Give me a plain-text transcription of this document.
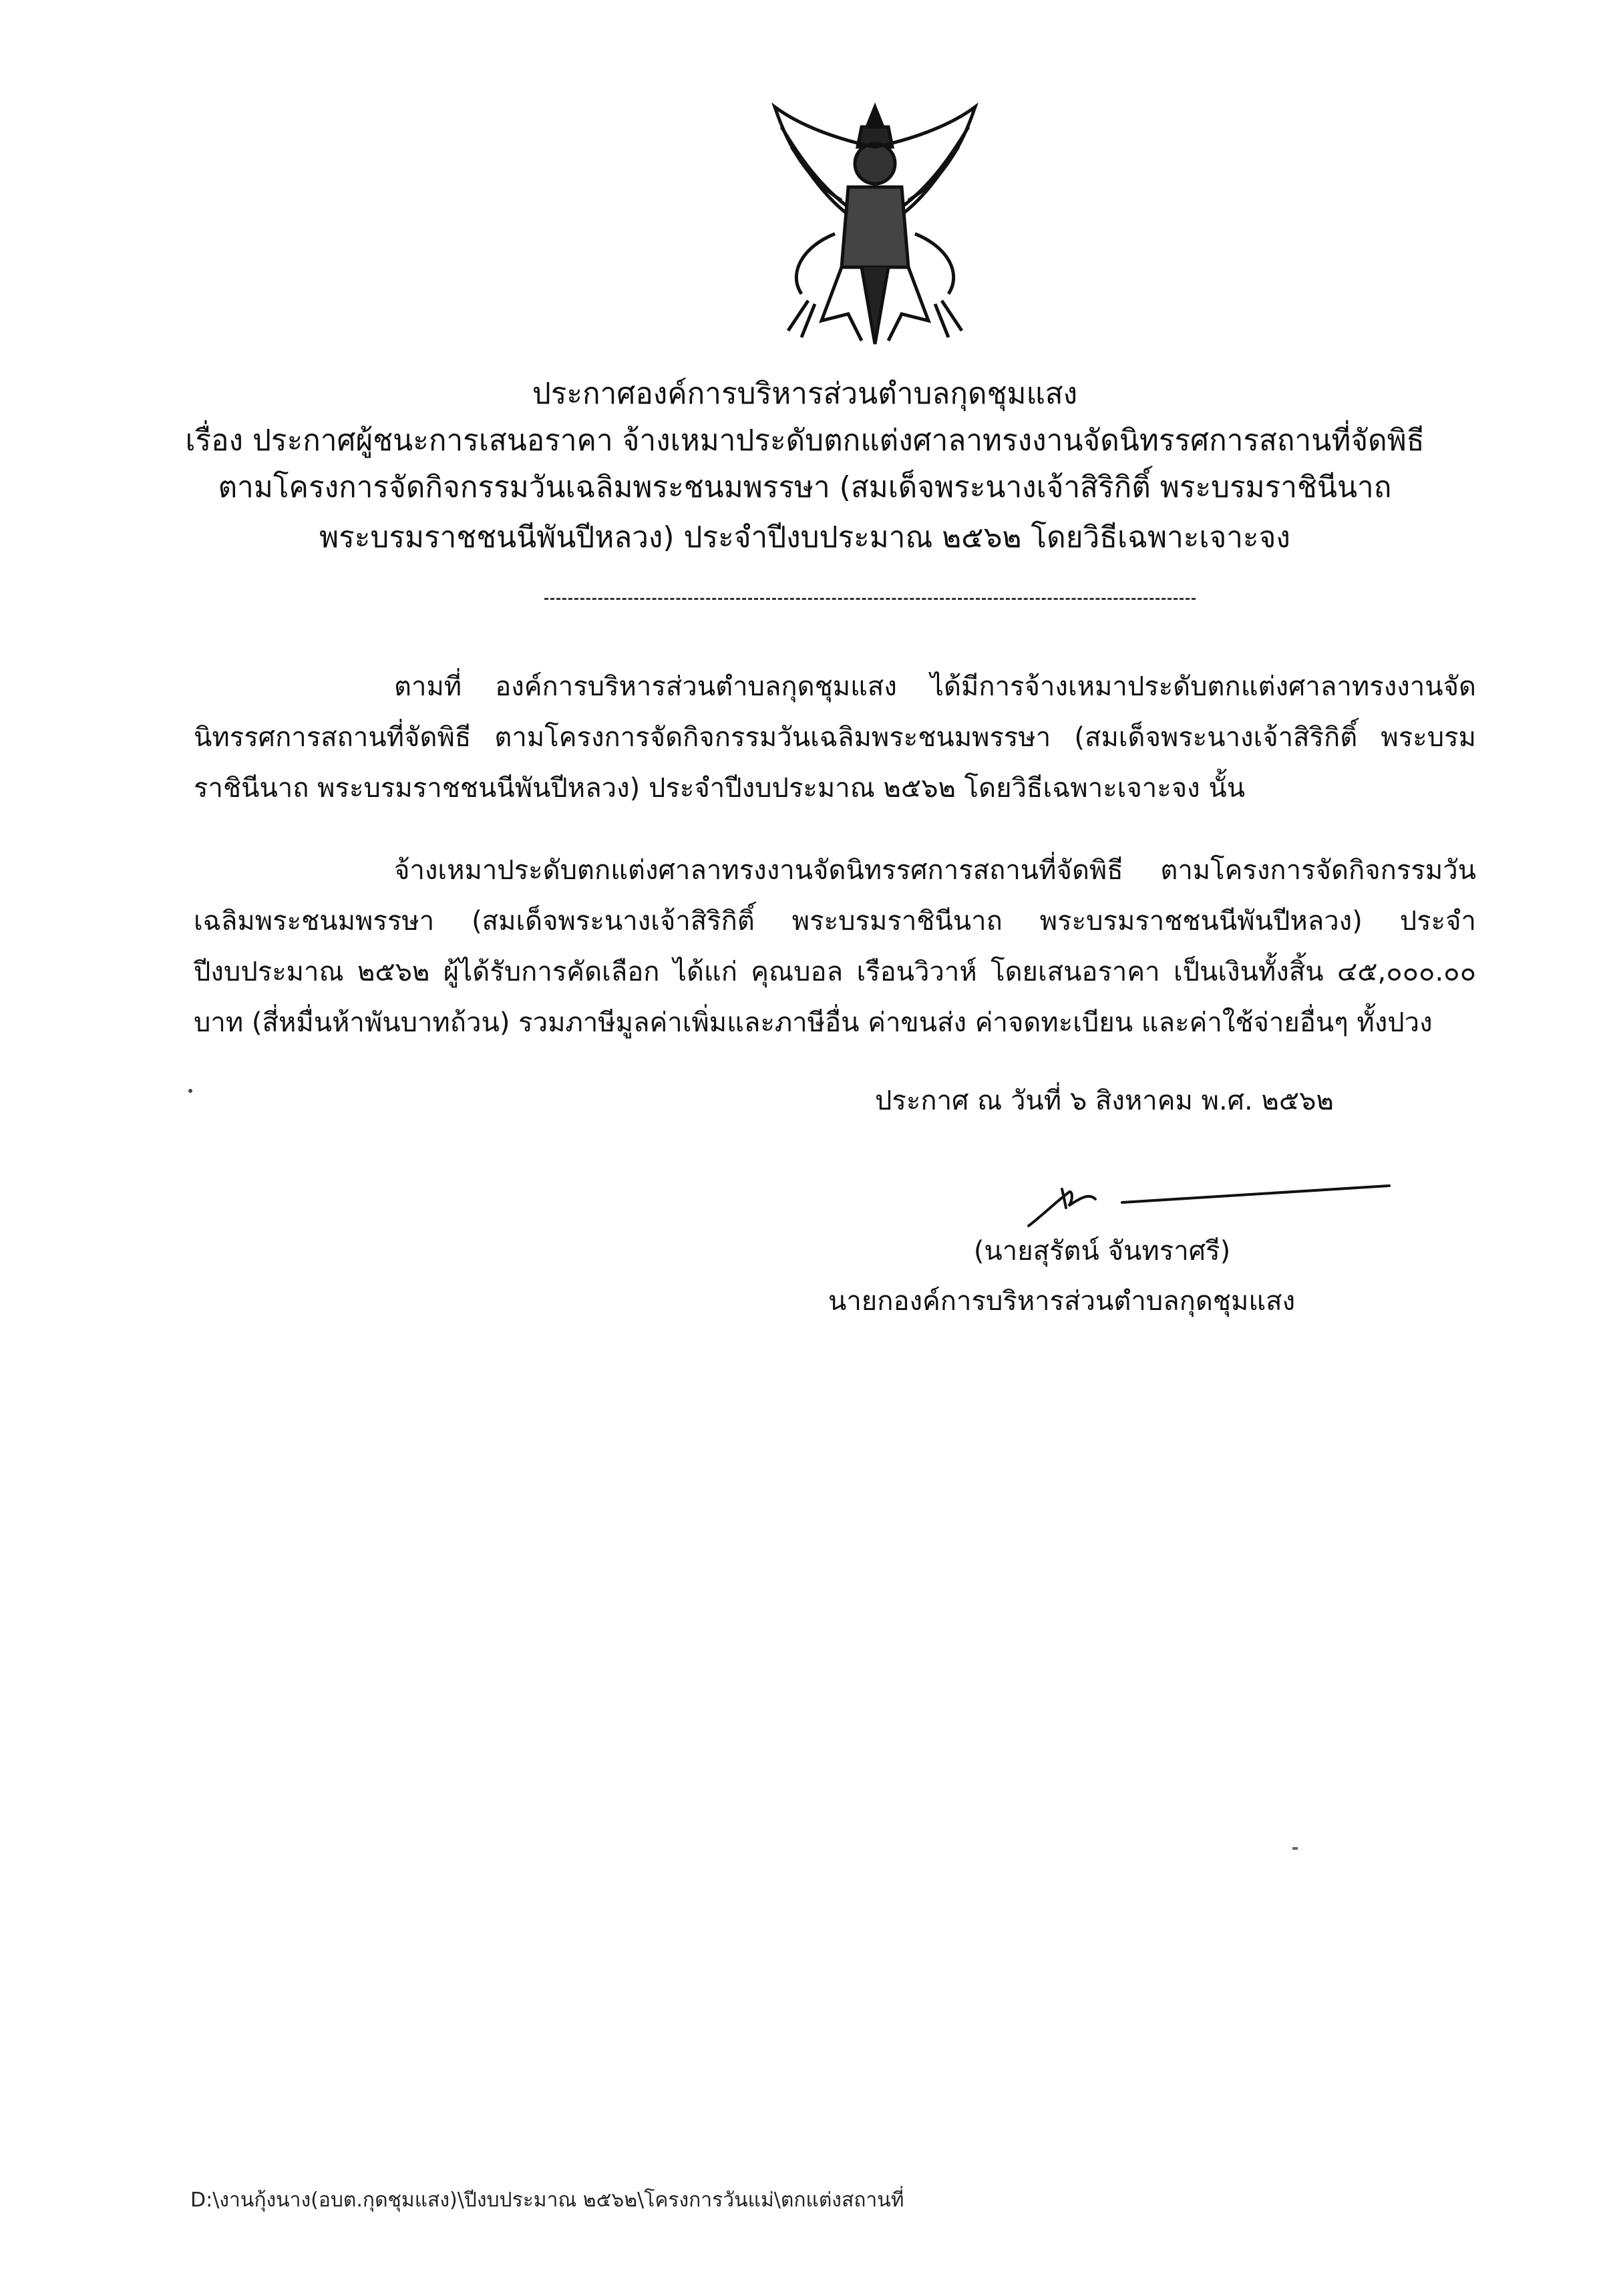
ประกาศองค์การบริหารส่วนตำบลกุดชุมแสง
เรื่อง ประกาศผู้ชนะการเสนอราคา จ้างเหมาประดับตกแต่งศาลาทรงงานจัดนิทรรศการสถานที่จัดพิธี
ตามโครงการจัดกิจกรรมวันเฉลิมพระชนมพรรษา (สมเด็จพระนางเจ้าสิริกิติ์ พระบรมราชินีนาถ
พระบรมราชชนนีพันปีหลวง) ประจำปีงบประมาณ ๒๕๖๒ โดยวิธีเฉพาะเจาะจง
ตามที่ องค์การบริหารส่วนตำบลกุดชุมแสง ได้มีการจ้างเหมาประดับตกแต่งศาลาทรงงานจัดนิทรรศการสถานที่จัดพิธี ตามโครงการจัดกิจกรรมวันเฉลิมพระชนมพรรษา (สมเด็จพระนางเจ้าสิริกิติ์ พระบรมราชินีนาถ พระบรมราชชนนีพันปีหลวง) ประจำปีงบประมาณ ๒๕๖๒ โดยวิธีเฉพาะเจาะจง นั้น
จ้างเหมาประดับตกแต่งศาลาทรงงานจัดนิทรรศการสถานที่จัดพิธี ตามโครงการจัดกิจกรรมวันเฉลิมพระชนมพรรษา (สมเด็จพระนางเจ้าสิริกิติ์ พระบรมราชินีนาถ พระบรมราชชนนีพันปีหลวง) ประจำปีงบประมาณ ๒๕๖๒ ผู้ได้รับการคัดเลือก ได้แก่ คุณบอล เรือนวิวาห์ โดยเสนอราคา เป็นเงินทั้งสิ้น ๔๕,๐๐๐.๐๐ บาท (สี่หมื่นห้าพันบาทถ้วน) รวมภาษีมูลค่าเพิ่มและภาษีอื่น ค่าขนส่ง ค่าจดทะเบียน และค่าใช้จ่ายอื่นๆ ทั้งปวง
ประกาศ ณ วันที่ ๖ สิงหาคม พ.ศ. ๒๕๖๒
(นายสุรัตน์ จันทราศรี)
นายกองค์การบริหารส่วนตำบลกุดชุมแสง
D:\งานกุ้งนาง(อบต.กุดชุมแสง)\ปีงบประมาณ ๒๕๖๒\โครงการวันแม่\ตกแต่งสถานที่
